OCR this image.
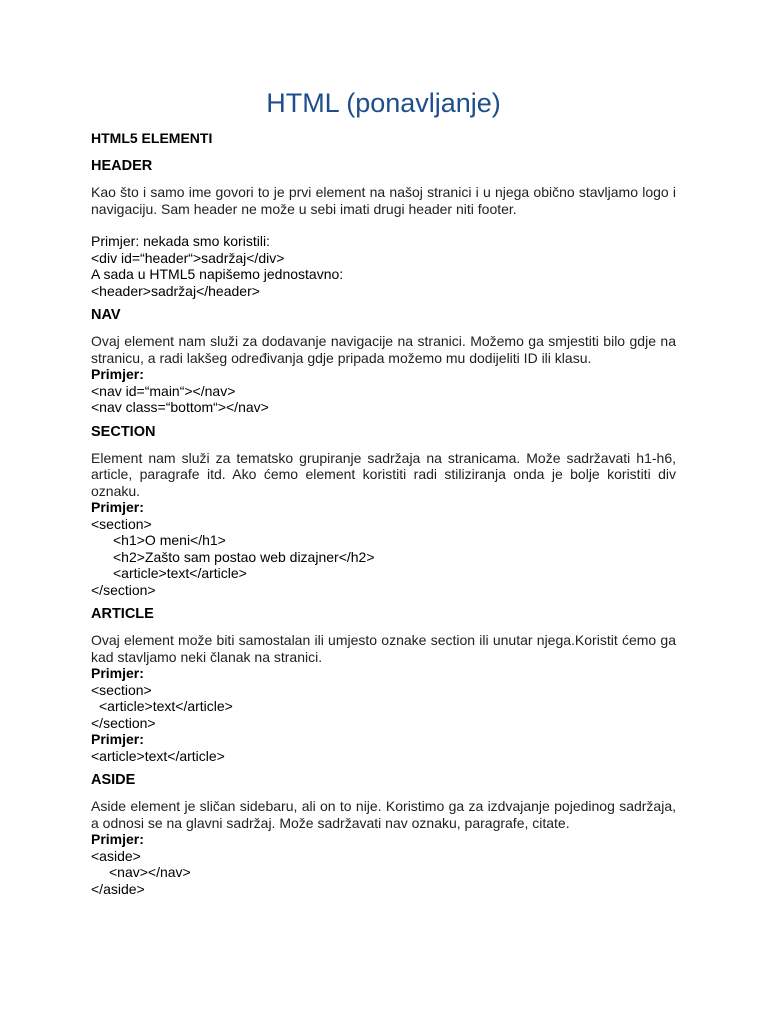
HTML (ponavljanje)
HTML5 ELEMENTI
HEADER

Kao što i samo ime govori to je prvi element na našoj stranici i u njega obično stavljamo logo i navigaciju. Sam header ne može u sebi imati drugi header niti footer.

Primjer: nekada smo koristili:

<div id=“header“>sadržaj</div>

A sada u HTML5 napišemo jednostavno:

<header>sadržaj</header>

NAV

Ovaj element nam služi za dodavanje navigacije na stranici. Možemo ga smjestiti bilo gdje na stranicu, a radi lakšeg određivanja gdje pripada možemo mu dodijeliti ID ili klasu.

Primjer:

<nav id=“main“></nav>

<nav class=“bottom“></nav>

SECTION

Element nam služi za tematsko grupiranje sadržaja na stranicama. Može sadržavati h1-h6, article, paragrafe itd. Ako ćemo element koristiti radi stiliziranja onda je bolje koristiti div oznaku.

Primjer:

<section>

<h1>O meni</h1>

<h2>Zašto sam postao web dizajner</h2>

<article>text</article>

</section>

ARTICLE

Ovaj element može biti samostalan ili umjesto oznake section ili unutar njega.Koristit ćemo ga kad stavljamo neki članak na stranici.

Primjer:

<section>

<article>text</article>

</section>

Primjer:

<article>text</article>

ASIDE

Aside element je sličan sidebaru, ali on to nije. Koristimo ga za izdvajanje pojedinog sadržaja, a odnosi se na glavni sadržaj. Može sadržavati nav oznaku, paragrafe, citate.

Primjer:

<aside>

<nav></nav>

</aside>
